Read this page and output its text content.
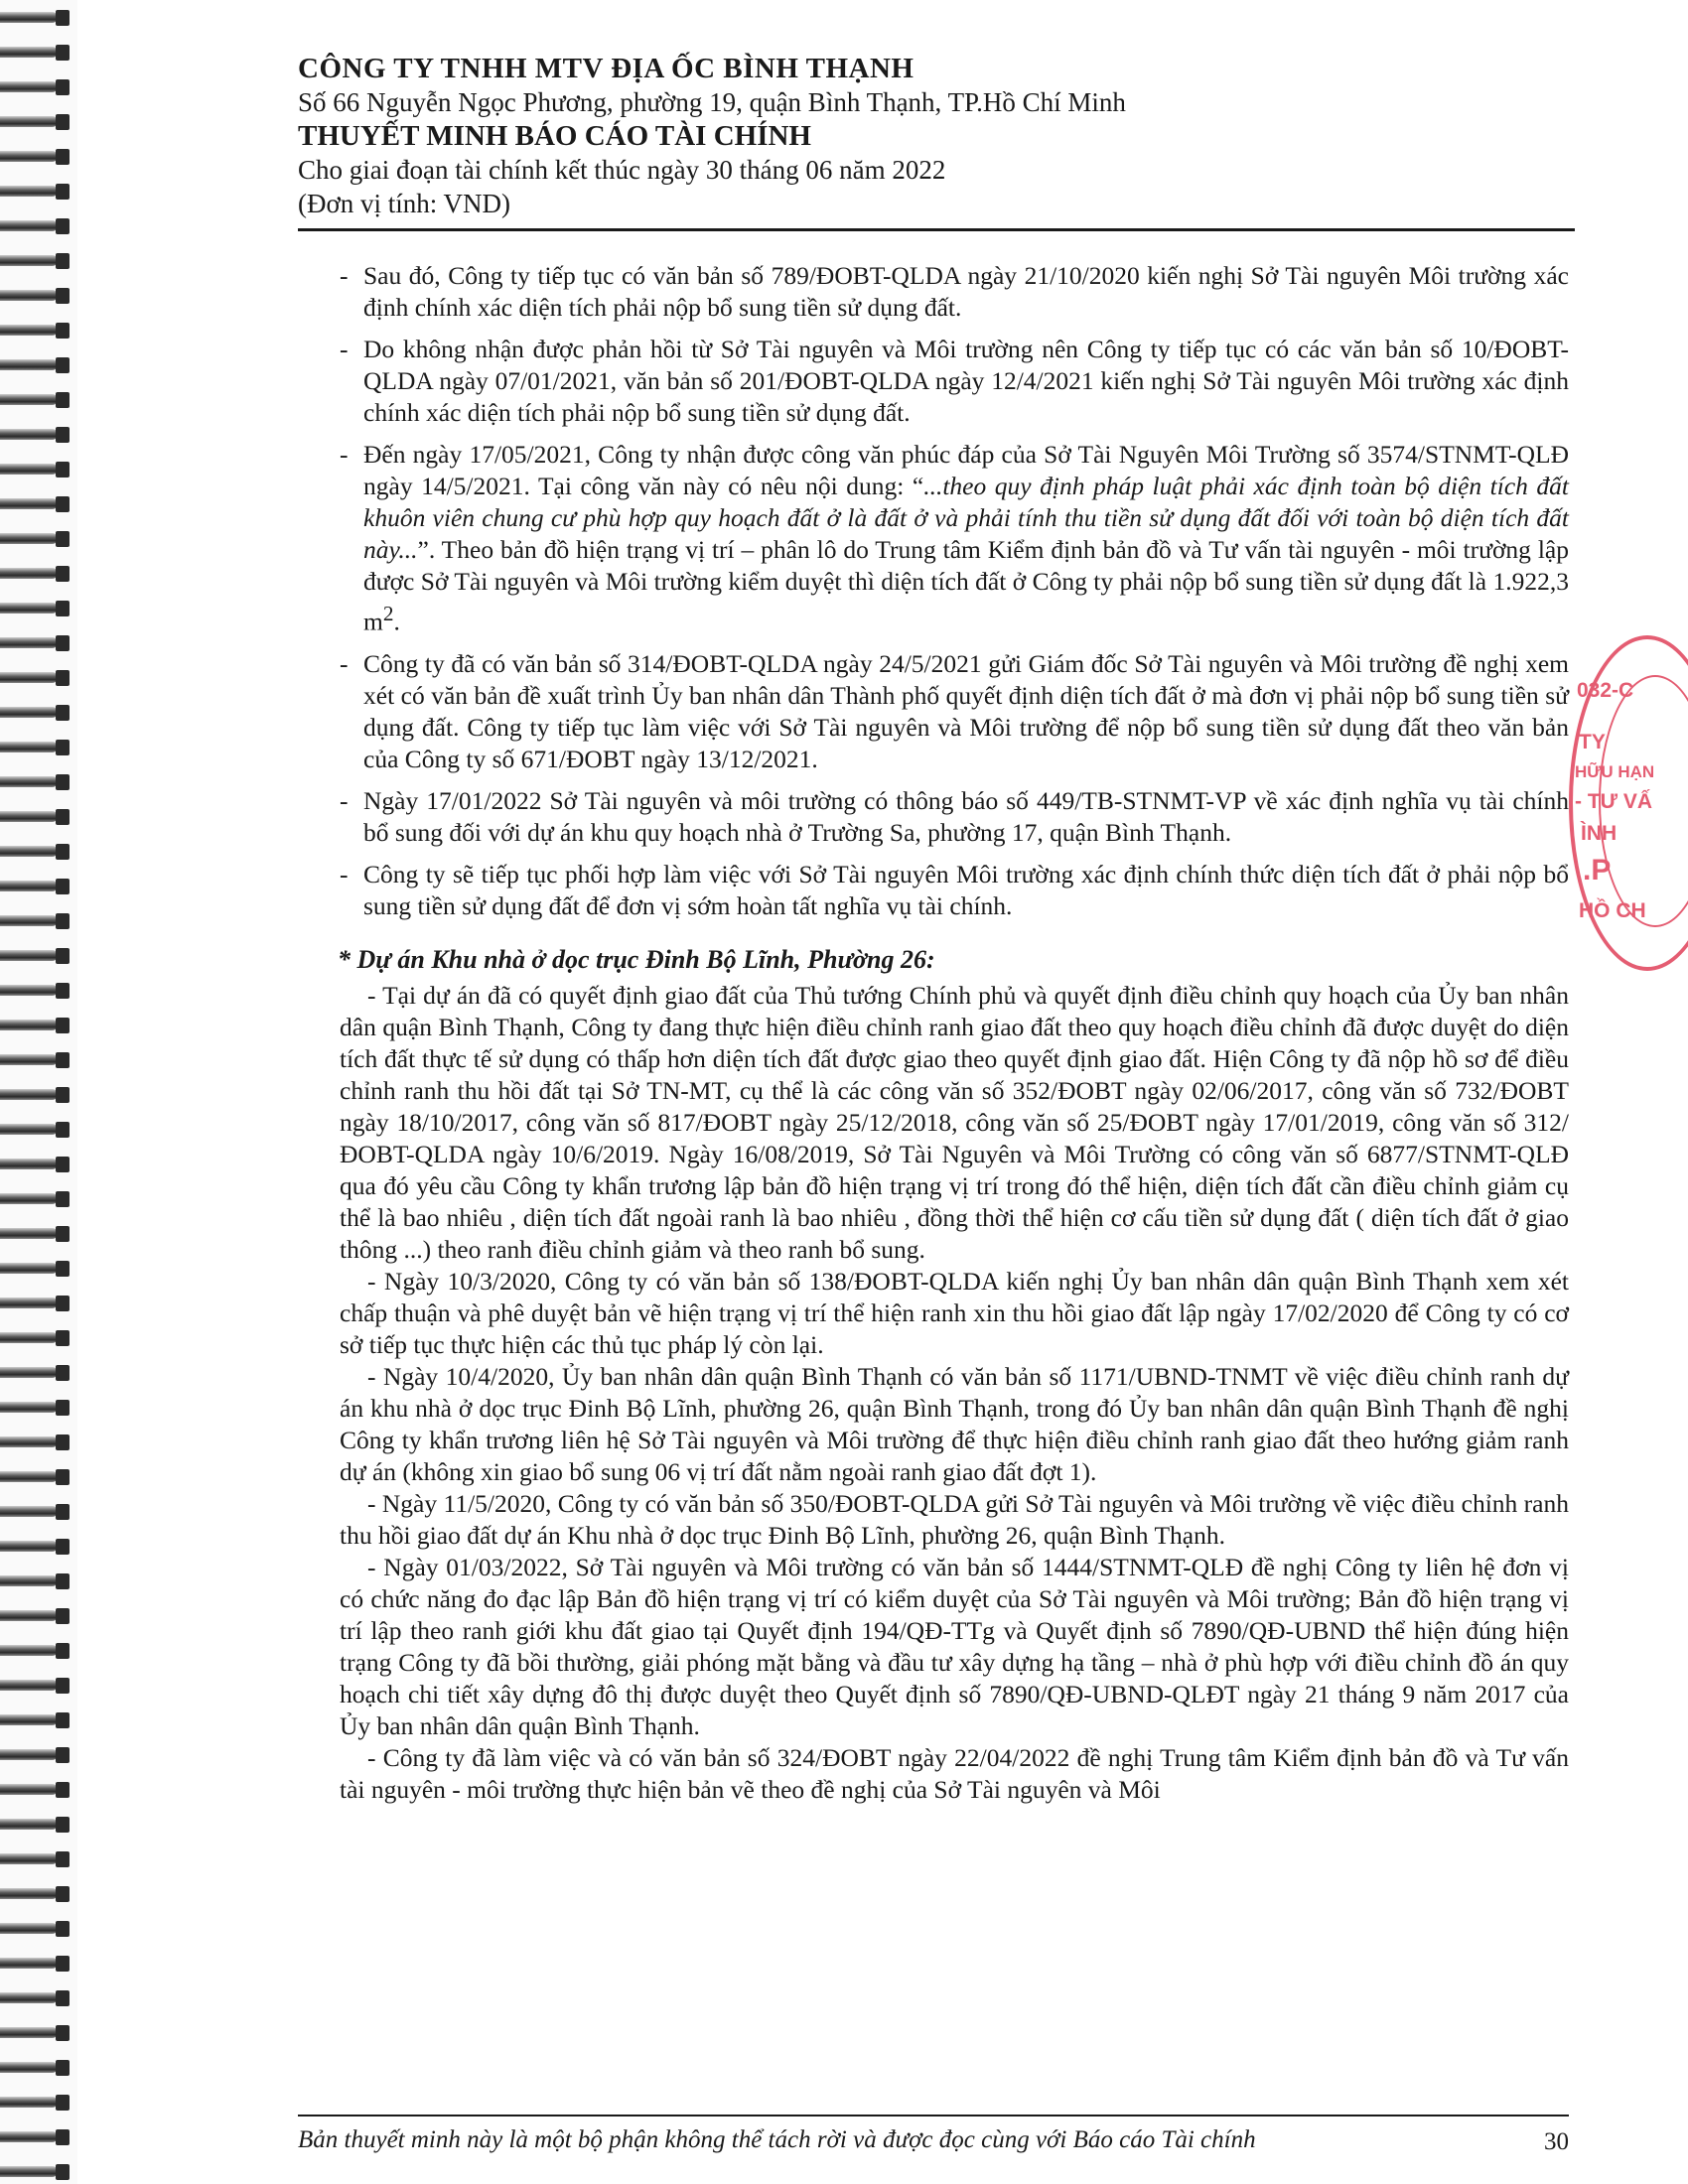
CÔNG TY TNHH MTV ĐỊA ỐC BÌNH THẠNH

Số 66 Nguyễn Ngọc Phương, phường 19, quận Bình Thạnh, TP.Hồ Chí Minh

THUYẾT MINH BÁO CÁO TÀI CHÍNH

Cho giai đoạn tài chính kết thúc ngày 30 tháng 06 năm 2022

(Đơn vị tính: VND)

- Sau đó, Công ty tiếp tục có văn bản số 789/ĐOBT-QLDA ngày 21/10/2020 kiến nghị Sở Tài nguyên Môi trường xác định chính xác diện tích phải nộp bổ sung tiền sử dụng đất.

- Do không nhận được phản hồi từ Sở Tài nguyên và Môi trường nên Công ty tiếp tục có các văn bản số 10/ĐOBT-QLDA ngày 07/01/2021, văn bản số 201/ĐOBT-QLDA ngày 12/4/2021 kiến nghị Sở Tài nguyên Môi trường xác định chính xác diện tích phải nộp bổ sung tiền sử dụng đất.

- Đến ngày 17/05/2021, Công ty nhận được công văn phúc đáp của Sở Tài Nguyên Môi Trường số 3574/STNMT-QLĐ ngày 14/5/2021. Tại công văn này có nêu nội dung: “...theo quy định pháp luật phải xác định toàn bộ diện tích đất khuôn viên chung cư phù hợp quy hoạch đất ở là đất ở và phải tính thu tiền sử dụng đất đối với toàn bộ diện tích đất này...”. Theo bản đồ hiện trạng vị trí – phân lô do Trung tâm Kiểm định bản đồ và Tư vấn tài nguyên - môi trường lập được Sở Tài nguyên và Môi trường kiểm duyệt thì diện tích đất ở Công ty phải nộp bổ sung tiền sử dụng đất là 1.922,3 $m^2$.

- Công ty đã có văn bản số 314/ĐOBT-QLDA ngày 24/5/2021 gửi Giám đốc Sở Tài nguyên và Môi trường đề nghị xem xét có văn bản đề xuất trình Ủy ban nhân dân Thành phố quyết định diện tích đất ở mà đơn vị phải nộp bổ sung tiền sử dụng đất. Công ty tiếp tục làm việc với Sở Tài nguyên và Môi trường để nộp bổ sung tiền sử dụng đất theo văn bản của Công ty số 671/ĐOBT ngày 13/12/2021.

- Ngày 17/01/2022 Sở Tài nguyên và môi trường có thông báo số 449/TB-STNMT-VP về xác định nghĩa vụ tài chính bổ sung đối với dự án khu quy hoạch nhà ở Trường Sa, phường 17, quận Bình Thạnh.

- Công ty sẽ tiếp tục phối hợp làm việc với Sở Tài nguyên Môi trường xác định chính thức diện tích đất ở phải nộp bổ sung tiền sử dụng đất để đơn vị sớm hoàn tất nghĩa vụ tài chính.

* Dự án Khu nhà ở dọc trục Đinh Bộ Lĩnh, Phường 26:

- Tại dự án đã có quyết định giao đất của Thủ tướng Chính phủ và quyết định điều chỉnh quy hoạch của Ủy ban nhân dân quận Bình Thạnh, Công ty đang thực hiện điều chỉnh ranh giao đất theo quy hoạch điều chỉnh đã được duyệt do diện tích đất thực tế sử dụng có thấp hơn diện tích đất được giao theo quyết định giao đất. Hiện Công ty đã nộp hồ sơ để điều chỉnh ranh thu hồi đất tại Sở TN-MT, cụ thể là các công văn số 352/ĐOBT ngày 02/06/2017, công văn số 732/ĐOBT ngày 18/10/2017, công văn số 817/ĐOBT ngày 25/12/2018, công văn số 25/ĐOBT ngày 17/01/2019, công văn số 312/ĐOBT-QLDA ngày 10/6/2019. Ngày 16/08/2019, Sở Tài Nguyên và Môi Trường có công văn số 6877/STNMT-QLĐ qua đó yêu cầu Công ty khẩn trương lập bản đồ hiện trạng vị trí trong đó thể hiện, diện tích đất cần điều chỉnh giảm cụ thể là bao nhiêu , diện tích đất ngoài ranh là bao nhiêu , đồng thời thể hiện cơ cấu tiền sử dụng đất ( diện tích đất ở giao thông ...) theo ranh điều chỉnh giảm và theo ranh bổ sung.

- Ngày 10/3/2020, Công ty có văn bản số 138/ĐOBT-QLDA kiến nghị Ủy ban nhân dân quận Bình Thạnh xem xét chấp thuận và phê duyệt bản vẽ hiện trạng vị trí thể hiện ranh xin thu hồi giao đất lập ngày 17/02/2020 để Công ty có cơ sở tiếp tục thực hiện các thủ tục pháp lý còn lại.

- Ngày 10/4/2020, Ủy ban nhân dân quận Bình Thạnh có văn bản số 1171/UBND-TNMT về việc điều chỉnh ranh dự án khu nhà ở dọc trục Đinh Bộ Lĩnh, phường 26, quận Bình Thạnh, trong đó Ủy ban nhân dân quận Bình Thạnh đề nghị Công ty khẩn trương liên hệ Sở Tài nguyên và Môi trường để thực hiện điều chỉnh ranh giao đất theo hướng giảm ranh dự án (không xin giao bổ sung 06 vị trí đất nằm ngoài ranh giao đất đợt 1).

- Ngày 11/5/2020, Công ty có văn bản số 350/ĐOBT-QLDA gửi Sở Tài nguyên và Môi trường về việc điều chỉnh ranh thu hồi giao đất dự án Khu nhà ở dọc trục Đinh Bộ Lĩnh, phường 26, quận Bình Thạnh.

- Ngày 01/03/2022, Sở Tài nguyên và Môi trường có văn bản số 1444/STNMT-QLĐ đề nghị Công ty liên hệ đơn vị có chức năng đo đạc lập Bản đồ hiện trạng vị trí có kiểm duyệt của Sở Tài nguyên và Môi trường; Bản đồ hiện trạng vị trí lập theo ranh giới khu đất giao tại Quyết định 194/QĐ-TTg và Quyết định số 7890/QĐ-UBND thể hiện đúng hiện trạng Công ty đã bồi thường, giải phóng mặt bằng và đầu tư xây dựng hạ tầng – nhà ở phù hợp với điều chỉnh đồ án quy hoạch chi tiết xây dựng đô thị được duyệt theo Quyết định số 7890/QĐ-UBND-QLĐT ngày 21 tháng 9 năm 2017 của Ủy ban nhân dân quận Bình Thạnh.

- Công ty đã làm việc và có văn bản số 324/ĐOBT ngày 22/04/2022 đề nghị Trung tâm Kiểm định bản đồ và Tư vấn tài nguyên - môi trường thực hiện bản vẽ theo đề nghị của Sở Tài nguyên và Môi

032-C
TY
HỮU HẠN
- TƯ VẤ
ÌNH
.P
HỒ CH
Bản thuyết minh này là một bộ phận không thể tách rời và được đọc cùng với Báo cáo Tài chính	30
